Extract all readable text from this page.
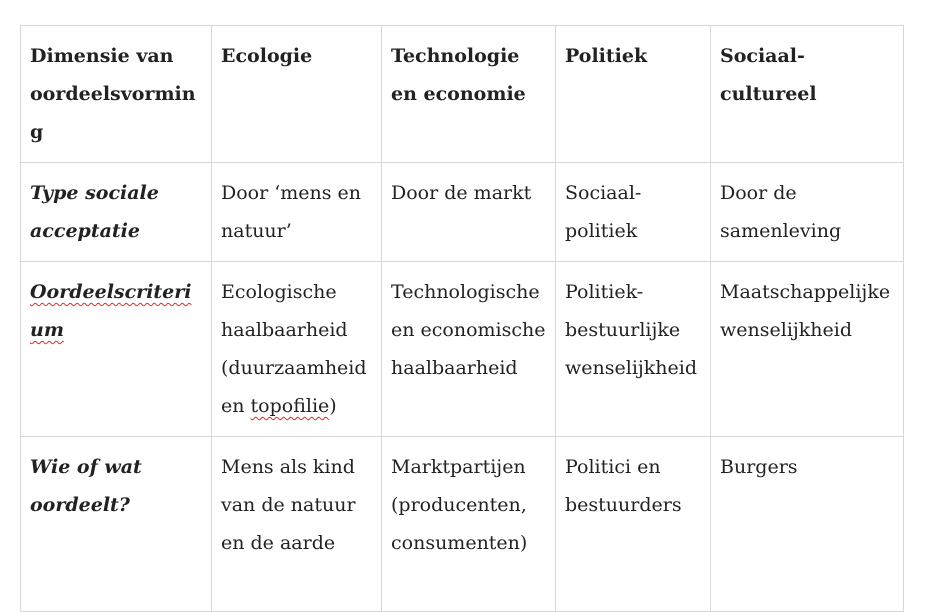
Dimensie van oordeelsvorming	Ecologie	Technologie en economie	Politiek	Sociaal-cultureel
Type sociale acceptatie	Door ‘mens en natuur’	Door de markt	Sociaal-politiek	Door de samenleving
Oordeelscriterium	Ecologische haalbaarheid (duurzaamheid en topofilie)	Technologische en economische haalbaarheid	Politiek-bestuurlijke wenselijkheid	Maatschappelijke wenselijkheid
Wie of wat oordeelt?	Mens als kind van de natuur en de aarde	Marktpartijen (producenten, consumenten)	Politici en bestuurders	Burgers
